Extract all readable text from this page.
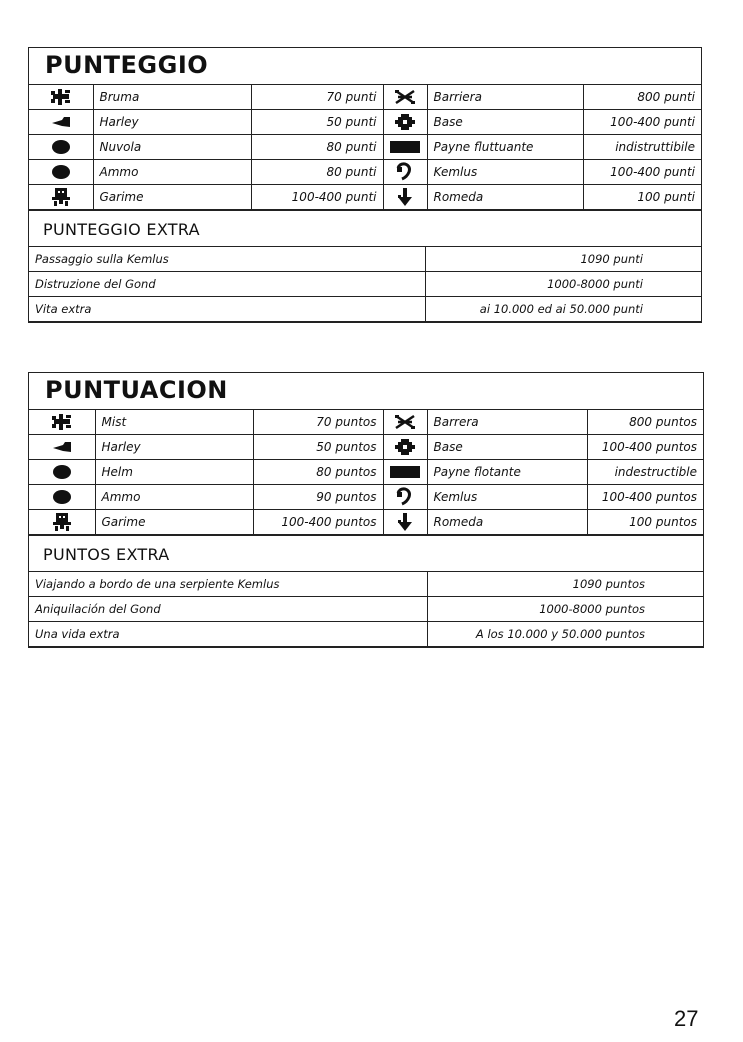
PUNTEGGIO
	Bruma	70 punti		Barriera	800 punti

	Harley	50 punti		Base	100-400 punti

	Nuvola	80 punti		Payne fluttuante	indistruttibile

	Ammo	80 punti		Kemlus	100-400 punti

	Garime	100-400 punti		Romeda	100 punti
PUNTEGGIO EXTRA
Passaggio sulla Kemlus	1090 punti
Distruzione del Gond	1000-8000 punti
Vita extra	ai 10.000 ed ai 50.000 punti
PUNTUACION
	Mist	70 puntos		Barrera	800 puntos

	Harley	50 puntos		Base	100-400 puntos

	Helm	80 puntos		Payne flotante	indestructible

	Ammo	90 puntos		Kemlus	100-400 puntos

	Garime	100-400 puntos		Romeda	100 puntos
PUNTOS EXTRA
Viajando a bordo de una serpiente Kemlus	1090 puntos
Aniquilación del Gond	1000-8000 puntos
Una vida extra	A los 10.000 y 50.000 puntos
27
